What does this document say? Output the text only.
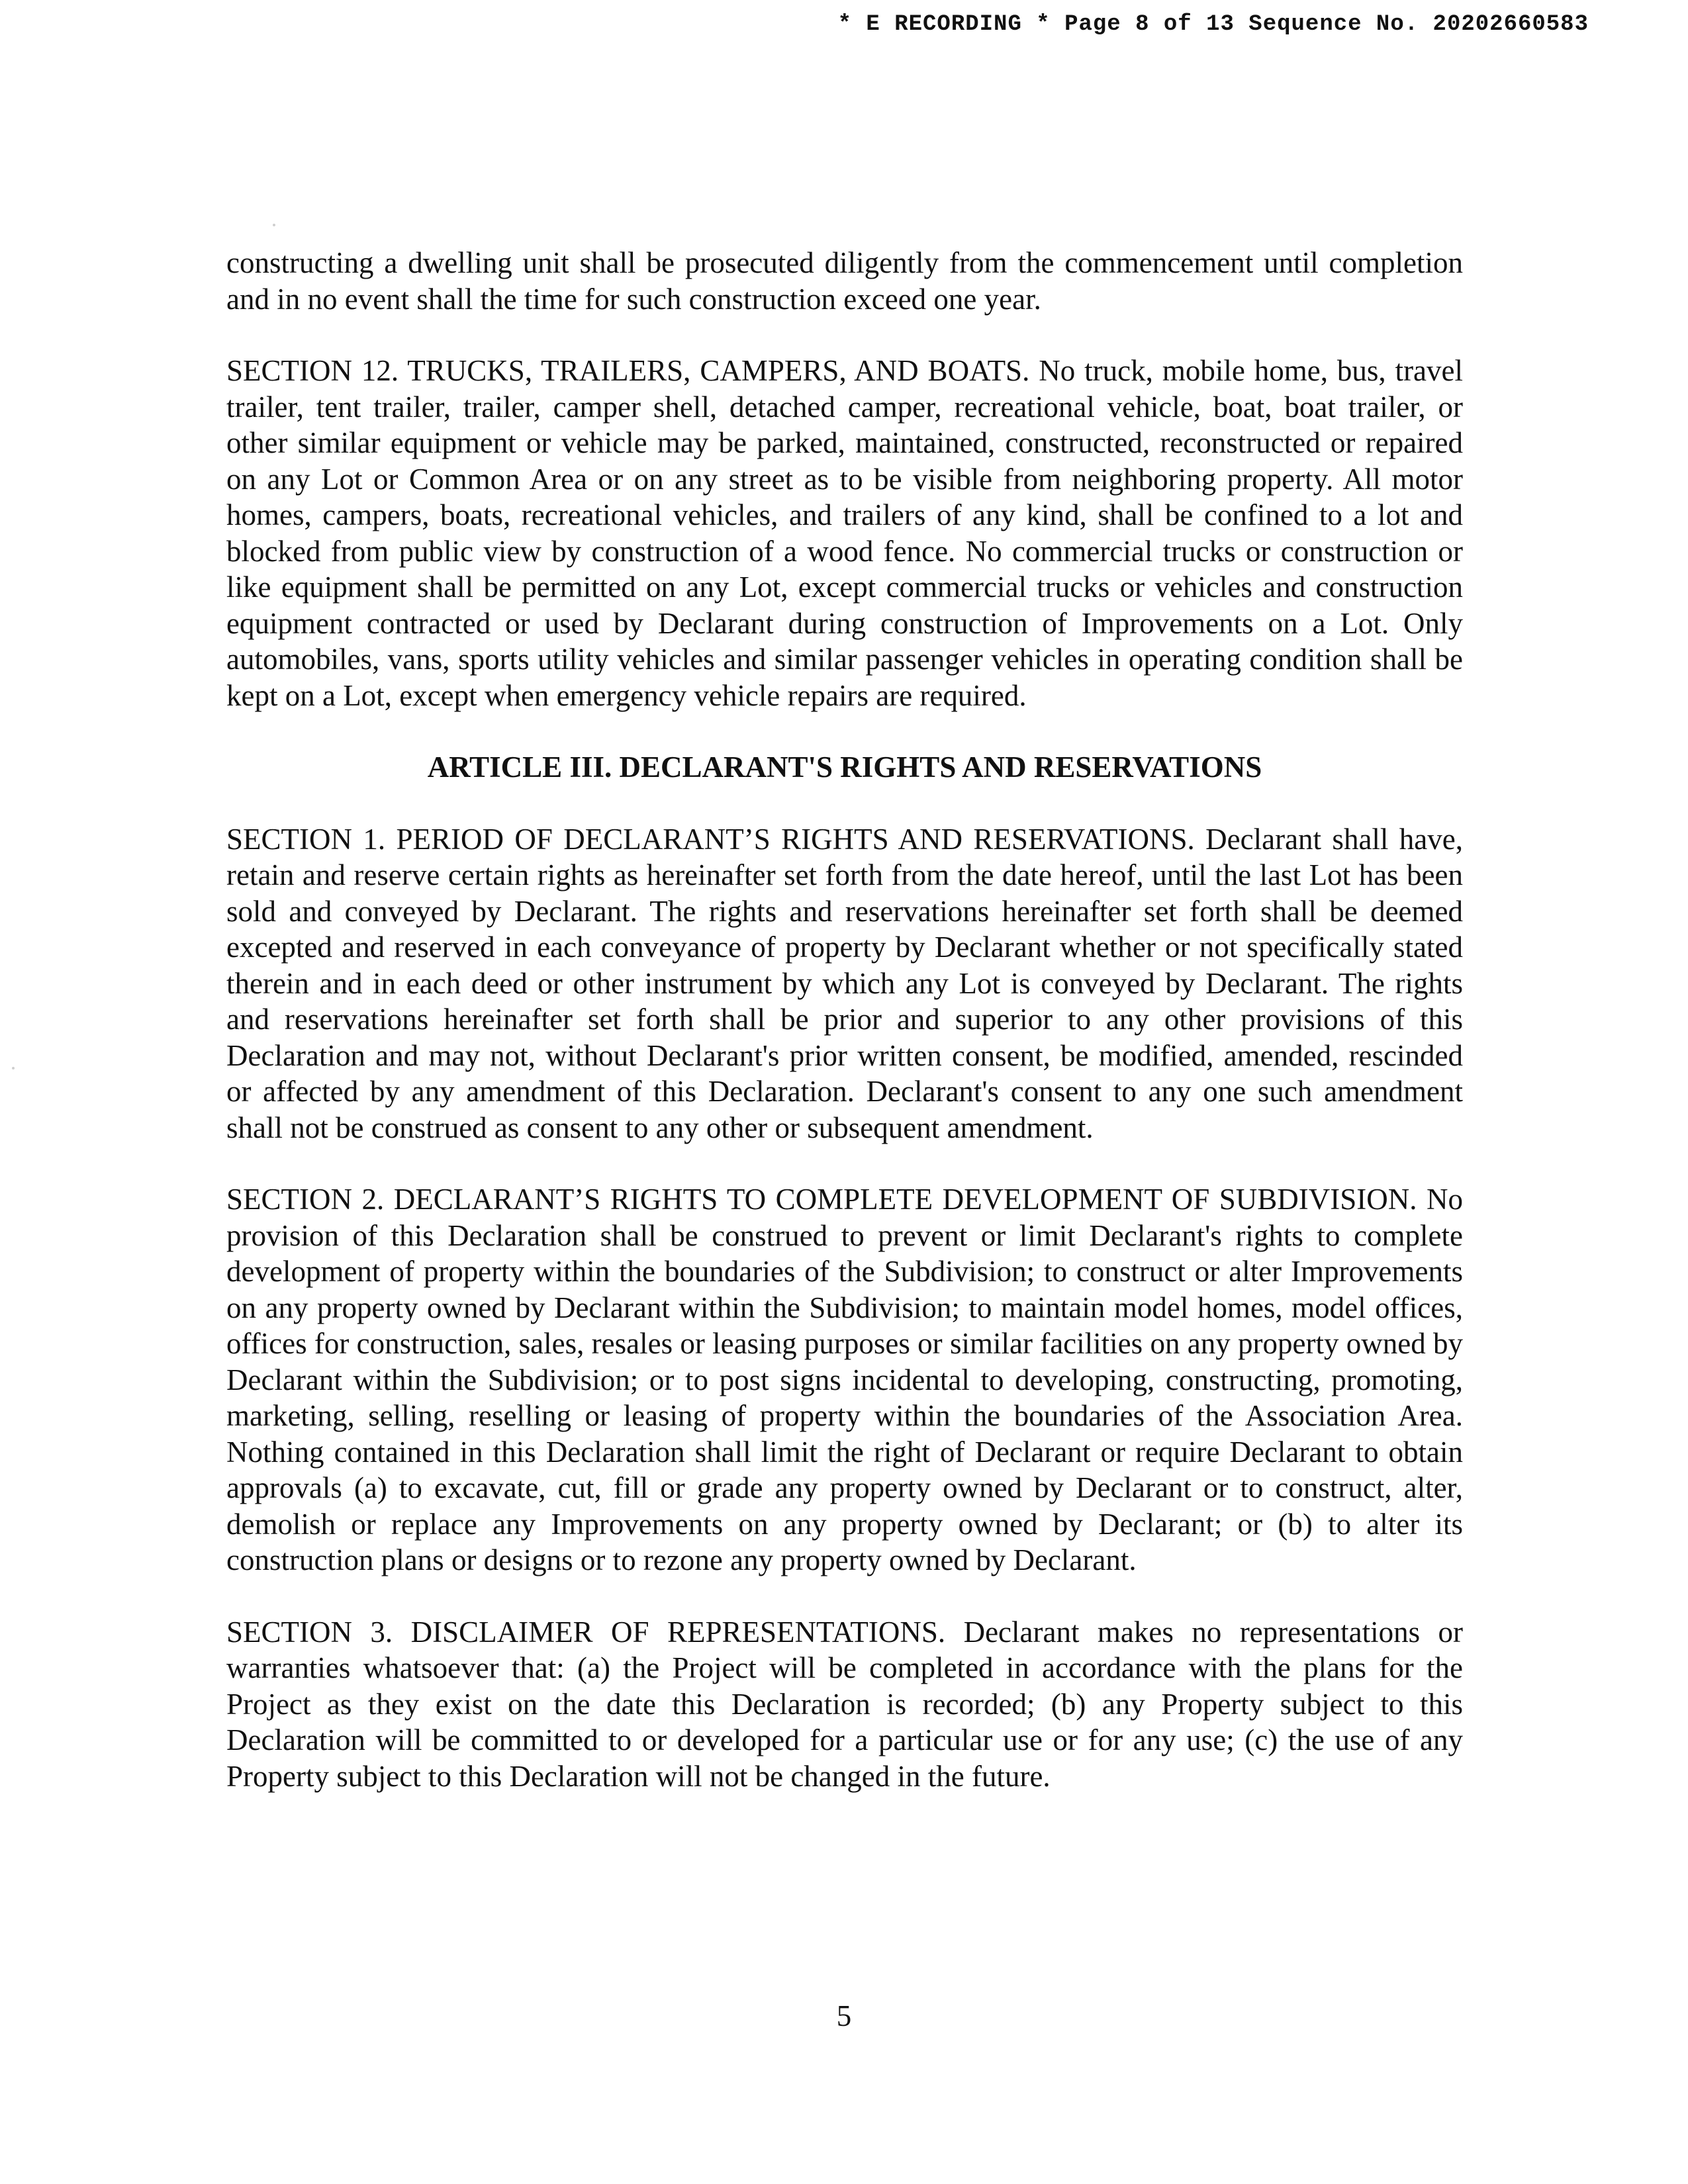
* E RECORDING * Page 8 of 13 Sequence No. 20202660583

constructing a dwelling unit shall be prosecuted diligently from the commencement until completion and in no event shall the time for such construction exceed one year.

SECTION 12. TRUCKS, TRAILERS, CAMPERS, AND BOATS. No truck, mobile home, bus, travel trailer, tent trailer, trailer, camper shell, detached camper, recreational vehicle, boat, boat trailer, or other similar equipment or vehicle may be parked, maintained, constructed, reconstructed or repaired on any Lot or Common Area or on any street as to be visible from neighboring property. All motor homes, campers, boats, recreational vehicles, and trailers of any kind, shall be confined to a lot and blocked from public view by construction of a wood fence. No commercial trucks or construction or like equipment shall be permitted on any Lot, except commercial trucks or vehicles and construction equipment contracted or used by Declarant during construction of Improvements on a Lot. Only automobiles, vans, sports utility vehicles and similar passenger vehicles in operating condition shall be kept on a Lot, except when emergency vehicle repairs are required.

ARTICLE III. DECLARANT'S RIGHTS AND RESERVATIONS

SECTION 1. PERIOD OF DECLARANT’S RIGHTS AND RESERVATIONS. Declarant shall have, retain and reserve certain rights as hereinafter set forth from the date hereof, until the last Lot has been sold and conveyed by Declarant. The rights and reservations hereinafter set forth shall be deemed excepted and reserved in each conveyance of property by Declarant whether or not specifically stated therein and in each deed or other instrument by which any Lot is conveyed by Declarant. The rights and reservations hereinafter set forth shall be prior and superior to any other provisions of this Declaration and may not, without Declarant's prior written consent, be modified, amended, rescinded or affected by any amendment of this Declaration. Declarant's consent to any one such amendment shall not be construed as consent to any other or subsequent amendment.

SECTION 2. DECLARANT’S RIGHTS TO COMPLETE DEVELOPMENT OF SUBDIVISION. No provision of this Declaration shall be construed to prevent or limit Declarant's rights to complete development of property within the boundaries of the Subdivision; to construct or alter Improvements on any property owned by Declarant within the Subdivision; to maintain model homes, model offices, offices for construction, sales, resales or leasing purposes or similar facilities on any property owned by Declarant within the Subdivision; or to post signs incidental to developing, constructing, promoting, marketing, selling, reselling or leasing of property within the boundaries of the Association Area. Nothing contained in this Declaration shall limit the right of Declarant or require Declarant to obtain approvals (a) to excavate, cut, fill or grade any property owned by Declarant or to construct, alter, demolish or replace any Improvements on any property owned by Declarant; or (b) to alter its construction plans or designs or to rezone any property owned by Declarant.

SECTION 3. DISCLAIMER OF REPRESENTATIONS. Declarant makes no representations or warranties whatsoever that: (a) the Project will be completed in accordance with the plans for the Project as they exist on the date this Declaration is recorded; (b) any Property subject to this Declaration will be committed to or developed for a particular use or for any use; (c) the use of any Property subject to this Declaration will not be changed in the future.

5
